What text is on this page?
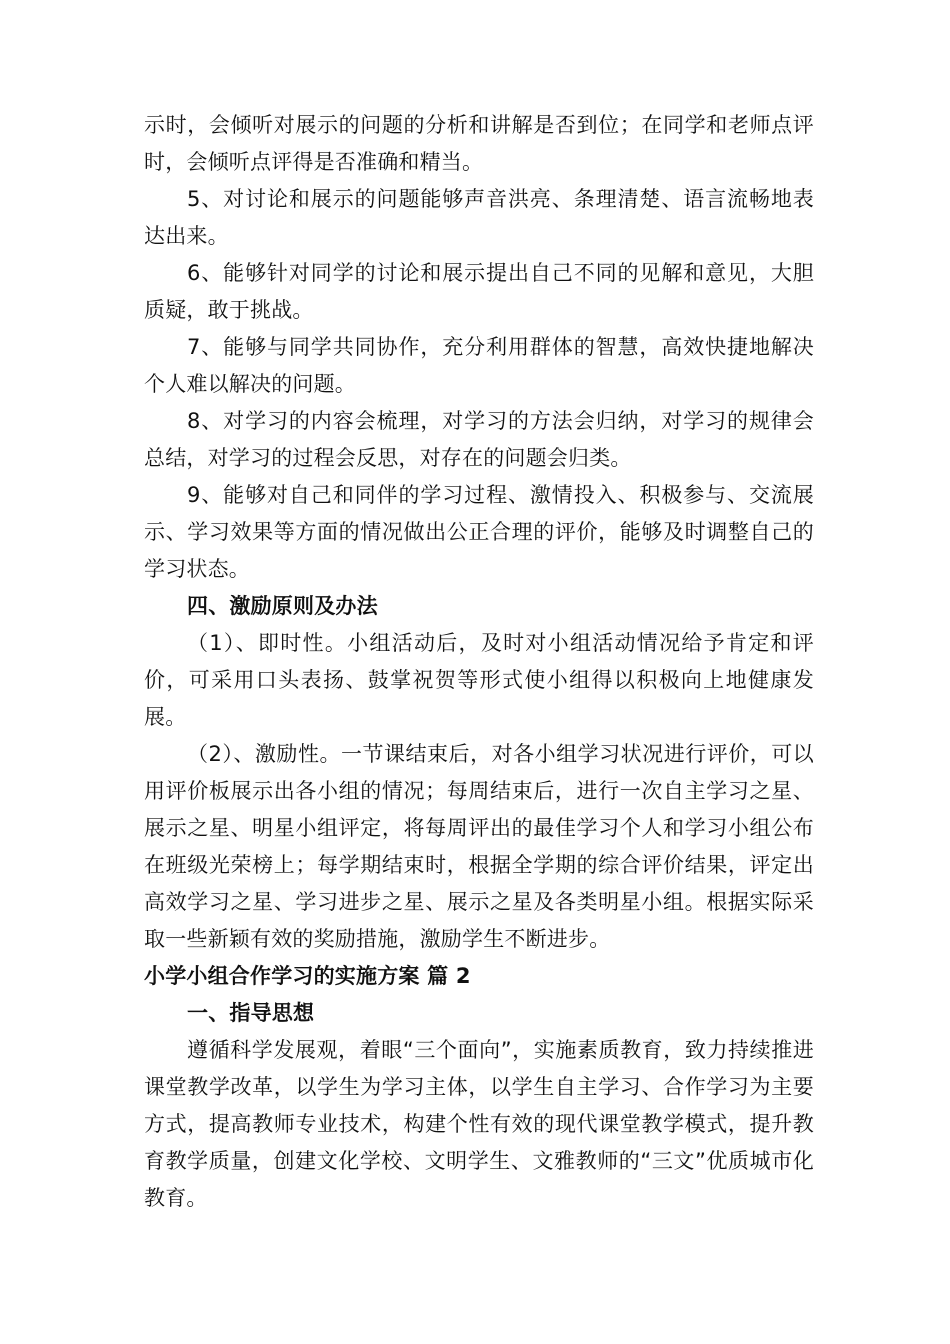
示时，会倾听对展示的问题的分析和讲解是否到位；在同学和老师点评时，会倾听点评得是否准确和精当。

5、对讨论和展示的问题能够声音洪亮、条理清楚、语言流畅地表达出来。

6、能够针对同学的讨论和展示提出自己不同的见解和意见，大胆质疑，敢于挑战。

7、能够与同学共同协作，充分利用群体的智慧，高效快捷地解决个人难以解决的问题。

8、对学习的内容会梳理，对学习的方法会归纳，对学习的规律会总结，对学习的过程会反思，对存在的问题会归类。

9、能够对自己和同伴的学习过程、激情投入、积极参与、交流展示、学习效果等方面的情况做出公正合理的评价，能够及时调整自己的学习状态。

四、激励原则及办法

（1）、即时性。小组活动后，及时对小组活动情况给予肯定和评价，可采用口头表扬、鼓掌祝贺等形式使小组得以积极向上地健康发展。

（2）、激励性。一节课结束后，对各小组学习状况进行评价，可以用评价板展示出各小组的情况；每周结束后，进行一次自主学习之星、展示之星、明星小组评定，将每周评出的最佳学习个人和学习小组公布在班级光荣榜上；每学期结束时，根据全学期的综合评价结果，评定出高效学习之星、学习进步之星、展示之星及各类明星小组。根据实际采取一些新颖有效的奖励措施，激励学生不断进步。

小学小组合作学习的实施方案 篇 2

一、指导思想

遵循科学发展观，着眼“三个面向”，实施素质教育，致力持续推进课堂教学改革，以学生为学习主体，以学生自主学习、合作学习为主要方式，提高教师专业技术，构建个性有效的现代课堂教学模式，提升教育教学质量，创建文化学校、文明学生、文雅教师的“三文”优质城市化教育。
